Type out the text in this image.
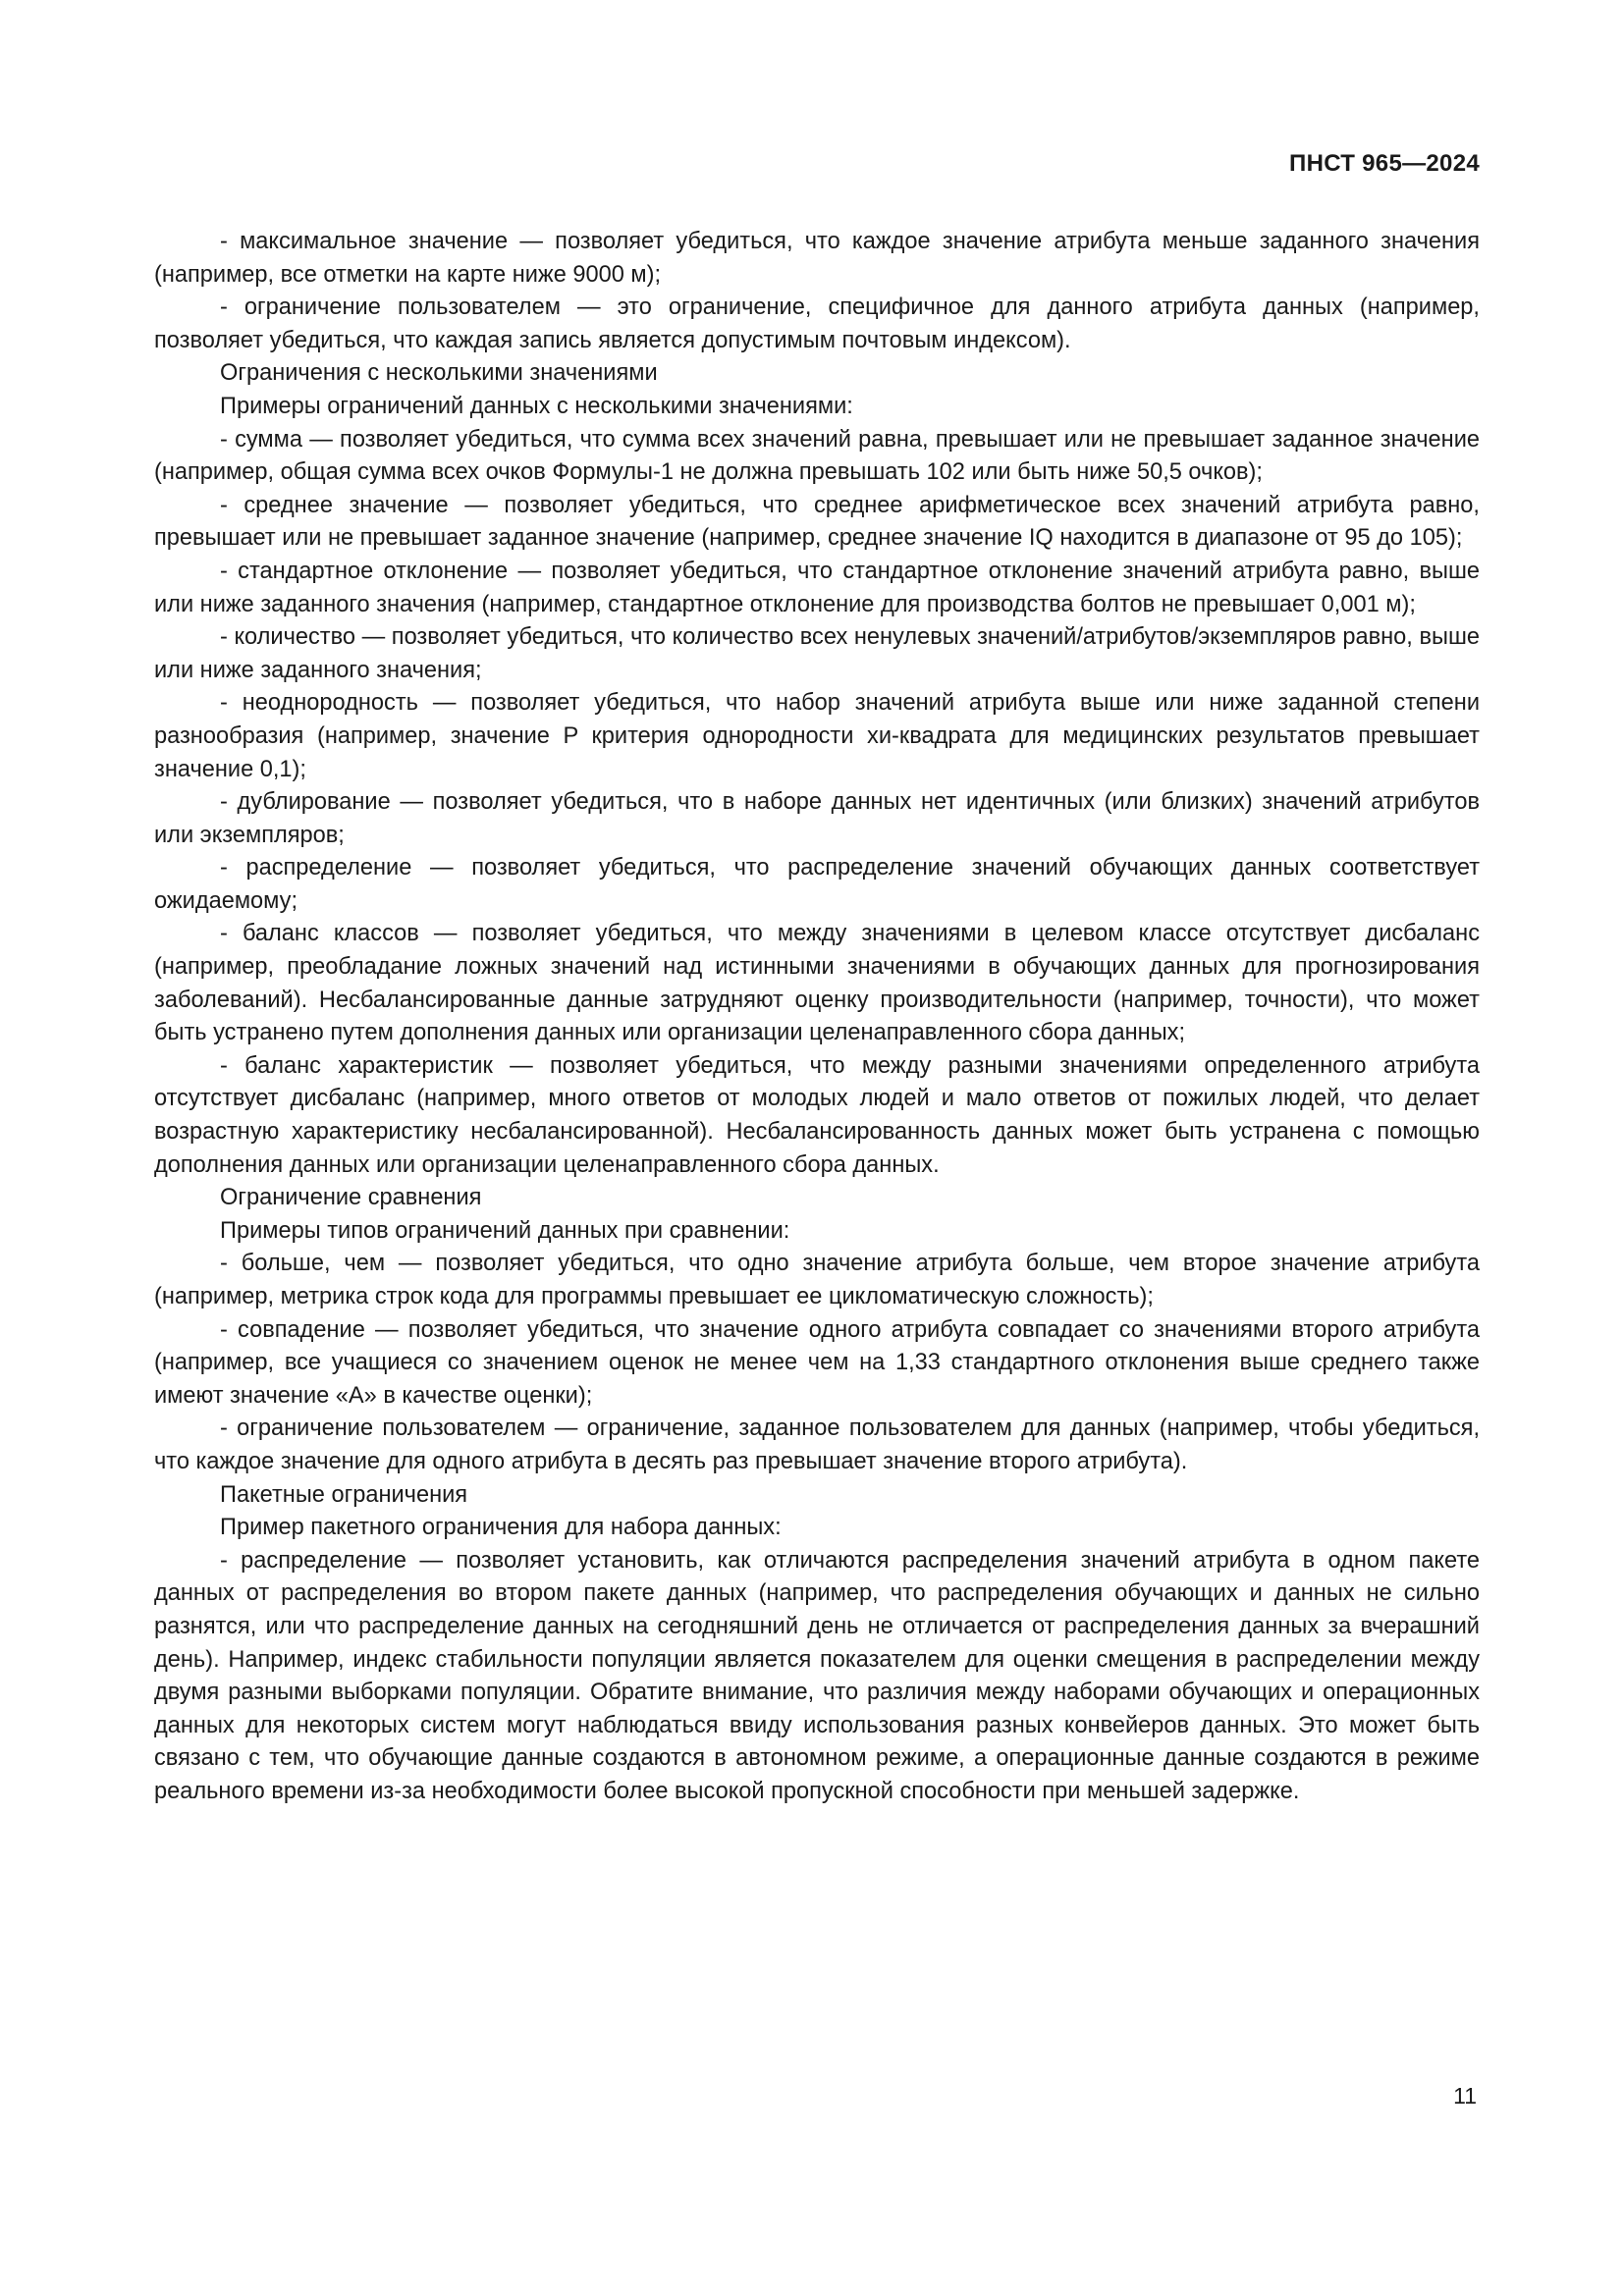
ПНСТ 965—2024

- максимальное значение — позволяет убедиться, что каждое значение атрибута меньше заданного значения (например, все отметки на карте ниже 9000 м);

- ограничение пользователем — это ограничение, специфичное для данного атрибута данных (например, позволяет убедиться, что каждая запись является допустимым почтовым индексом).

Ограничения с несколькими значениями

Примеры ограничений данных с несколькими значениями:

- сумма — позволяет убедиться, что сумма всех значений равна, превышает или не превышает заданное значение (например, общая сумма всех очков Формулы-1 не должна превышать 102 или быть ниже 50,5 очков);

- среднее значение — позволяет убедиться, что среднее арифметическое всех значений атрибута равно, превышает или не превышает заданное значение (например, среднее значение IQ находится в диапазоне от 95 до 105);

- стандартное отклонение — позволяет убедиться, что стандартное отклонение значений атрибута равно, выше или ниже заданного значения (например, стандартное отклонение для производства болтов не превышает 0,001 м);

- количество — позволяет убедиться, что количество всех ненулевых значений/атрибутов/экземпляров равно, выше или ниже заданного значения;

- неоднородность — позволяет убедиться, что набор значений атрибута выше или ниже заданной степени разнообразия (например, значение P критерия однородности хи-квадрата для медицинских результатов превышает значение 0,1);

- дублирование — позволяет убедиться, что в наборе данных нет идентичных (или близких) значений атрибутов или экземпляров;

- распределение — позволяет убедиться, что распределение значений обучающих данных соответствует ожидаемому;

- баланс классов — позволяет убедиться, что между значениями в целевом классе отсутствует дисбаланс (например, преобладание ложных значений над истинными значениями в обучающих данных для прогнозирования заболеваний). Несбалансированные данные затрудняют оценку производительности (например, точности), что может быть устранено путем дополнения данных или организации целенаправленного сбора данных;

- баланс характеристик — позволяет убедиться, что между разными значениями определенного атрибута отсутствует дисбаланс (например, много ответов от молодых людей и мало ответов от пожилых людей, что делает возрастную характеристику несбалансированной). Несбалансированность данных может быть устранена с помощью дополнения данных или организации целенаправленного сбора данных.

Ограничение сравнения

Примеры типов ограничений данных при сравнении:

- больше, чем — позволяет убедиться, что одно значение атрибута больше, чем второе значение атрибута (например, метрика строк кода для программы превышает ее цикломатическую сложность);

- совпадение — позволяет убедиться, что значение одного атрибута совпадает со значениями второго атрибута (например, все учащиеся со значением оценок не менее чем на 1,33 стандартного отклонения выше среднего также имеют значение «А» в качестве оценки);

- ограничение пользователем — ограничение, заданное пользователем для данных (например, чтобы убедиться, что каждое значение для одного атрибута в десять раз превышает значение второго атрибута).

Пакетные ограничения

Пример пакетного ограничения для набора данных:

- распределение — позволяет установить, как отличаются распределения значений атрибута в одном пакете данных от распределения во втором пакете данных (например, что распределения обучающих и данных не сильно разнятся, или что распределение данных на сегодняшний день не отличается от распределения данных за вчерашний день). Например, индекс стабильности популяции является показателем для оценки смещения в распределении между двумя разными выборками популяции. Обратите внимание, что различия между наборами обучающих и операционных данных для некоторых систем могут наблюдаться ввиду использования разных конвейеров данных. Это может быть связано с тем, что обучающие данные создаются в автономном режиме, а операционные данные создаются в режиме реального времени из-за необходимости более высокой пропускной способности при меньшей задержке.

11
